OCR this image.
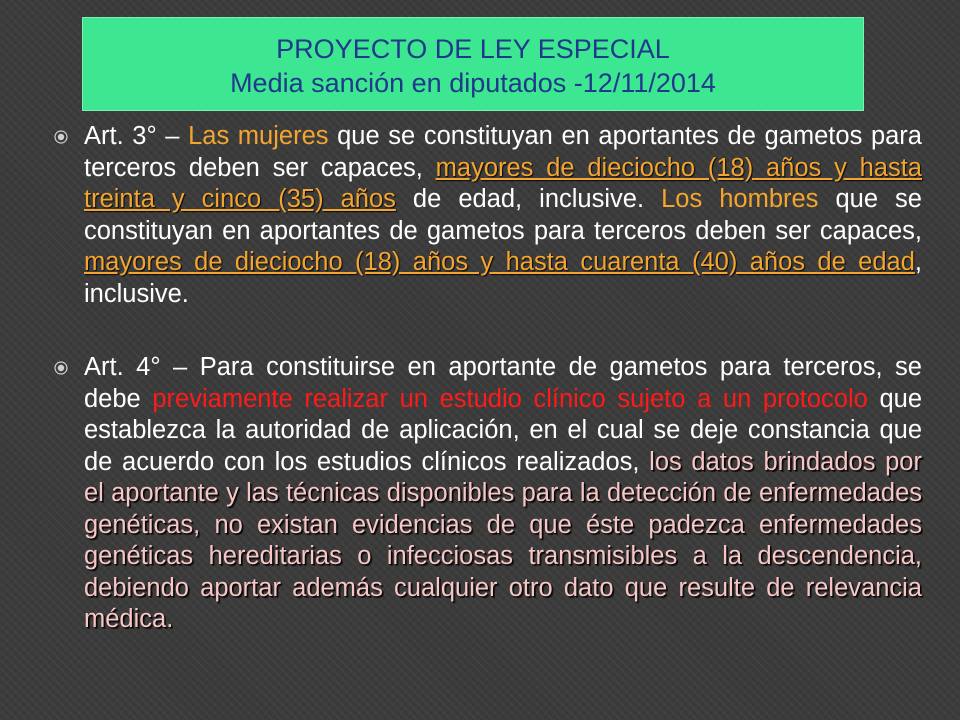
PROYECTO DE LEY ESPECIAL
Media sanción en diputados -12/11/2014

Art. 3° – Las mujeres que se constituyan en aportantes de gametos para terceros deben ser capaces, mayores de dieciocho (18) años y hasta treinta y cinco (35) años de edad, inclusive. Los hombres que se constituyan en aportantes de gametos para terceros deben ser capaces, mayores de dieciocho (18) años y hasta cuarenta (40) años de edad, inclusive.

Art. 4° – Para constituirse en aportante de gametos para terceros, se debe previamente realizar un estudio clínico sujeto a un protocolo que establezca la autoridad de aplicación, en el cual se deje constancia que de acuerdo con los estudios clínicos realizados, los datos brindados por el aportante y las técnicas disponibles para la detección de enfermedades genéticas, no existan evidencias de que éste padezca enfermedades genéticas hereditarias o infecciosas transmisibles a la descendencia, debiendo aportar además cualquier otro dato que resulte de relevancia médica.
